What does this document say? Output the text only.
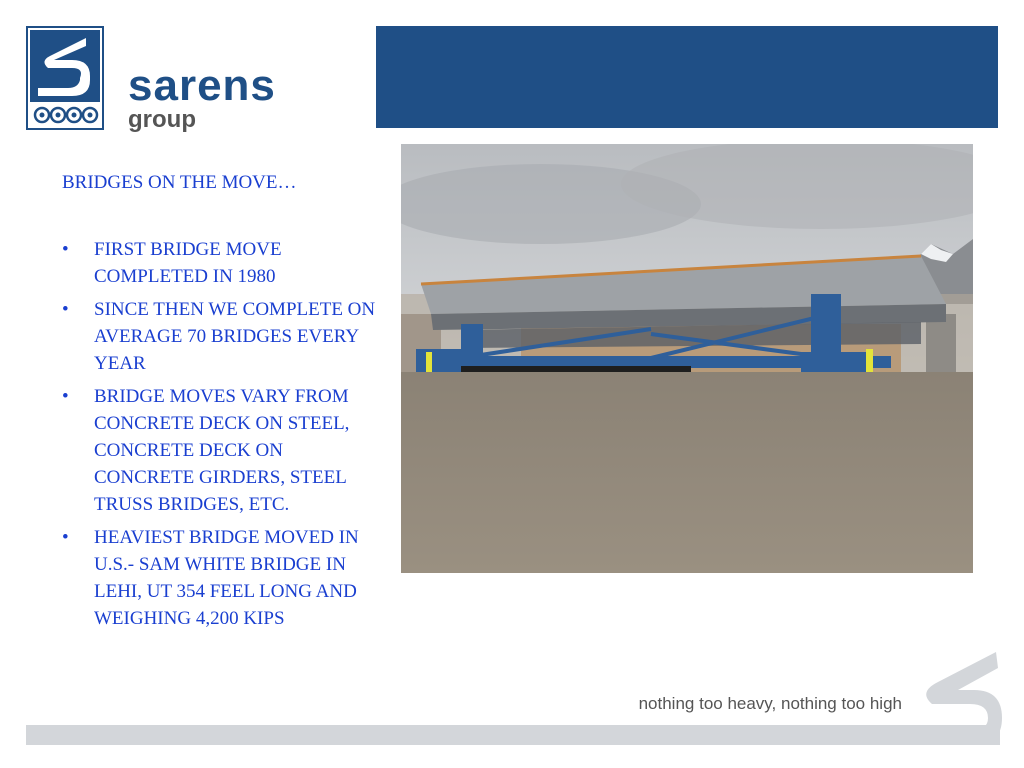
sarens
group
BRIDGES ON THE MOVE…
• FIRST BRIDGE MOVE COMPLETED IN 1980
• SINCE THEN WE COMPLETE ON AVERAGE 70 BRIDGES EVERY YEAR
• BRIDGE MOVES VARY FROM CONCRETE DECK ON STEEL, CONCRETE DECK ON CONCRETE GIRDERS, STEEL TRUSS BRIDGES, ETC.
• HEAVIEST BRIDGE MOVED IN U.S.- SAM WHITE BRIDGE IN LEHI, UT 354 FEEL LONG AND WEIGHING 4,200 KIPS
nothing too heavy, nothing too high
